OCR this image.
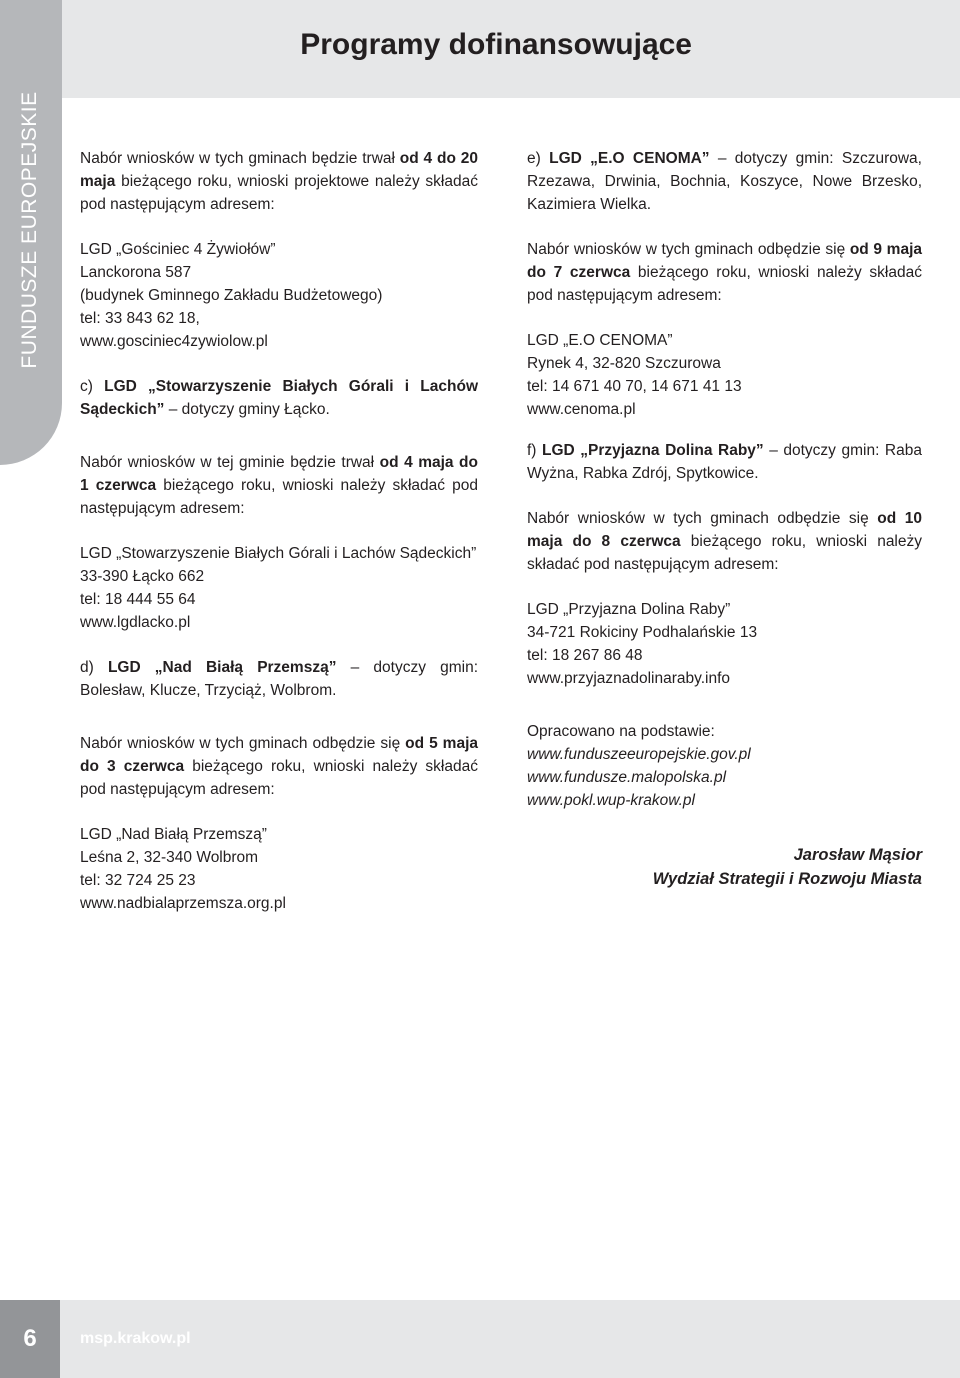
Programy dofinansowujące
FUNDUSZE EUROPEJSKIE	Nabór wniosków w tych gminach będzie trwał od 4 do 20 maja bieżącego roku, wnioski projektowe należy składać pod następującym adresem:

LGD „Gościniec 4 Żywiołów”

Lanckorona 587

(budynek Gminnego Zakładu Budżetowego)

tel: 33 843 62 18,

www.gosciniec4zywiolow.pl

c) LGD „Stowarzyszenie Białych Górali i Lachów Sądeckich” – dotyczy gminy Łącko.

Nabór wniosków w tej gminie będzie trwał od 4 maja do 1 czerwca bieżącego roku, wnioski należy składać pod następującym adresem:

LGD „Stowarzyszenie Białych Górali i Lachów Sądeckich”

33-390 Łącko 662

tel: 18 444 55 64

www.lgdlacko.pl

d) LGD „Nad Białą Przemszą” – dotyczy gmin: Bolesław, Klucze, Trzyciąż, Wolbrom.

Nabór wniosków w tych gminach odbędzie się od 5 maja do 3 czerwca bieżącego roku, wnioski należy składać pod następującym adresem:

LGD „Nad Białą Przemszą”

Leśna 2, 32-340 Wolbrom

tel: 32 724 25 23

www.nadbialaprzemsza.org.pl

e) LGD „E.O CENOMA” – dotyczy gmin: Szczurowa, Rzezawa, Drwinia, Bochnia, Koszyce, Nowe Brzesko, Kazimiera Wielka.

Nabór wniosków w tych gminach odbędzie się od 9 maja do 7 czerwca bieżącego roku, wnioski należy składać pod następującym adresem:

LGD „E.O CENOMA”

Rynek 4, 32-820 Szczurowa

tel: 14 671 40 70, 14 671 41 13

www.cenoma.pl

f) LGD „Przyjazna Dolina Raby” – dotyczy gmin: Raba Wyżna, Rabka Zdrój, Spytkowice.

Nabór wniosków w tych gminach odbędzie się od 10 maja do 8 czerwca bieżącego roku, wnioski należy składać pod następującym adresem:

LGD „Przyjazna Dolina Raby”

34-721 Rokiciny Podhalańskie 13

tel: 18 267 86 48

www.przyjaznadolinaraby.info

Opracowano na podstawie:

www.funduszeeuropejskie.gov.pl

www.fundusze.malopolska.pl

www.pokl.wup-krakow.pl

Jarosław Mąsior

Wydział Strategii i Rozwoju Miasta

6	msp.krakow.pl
